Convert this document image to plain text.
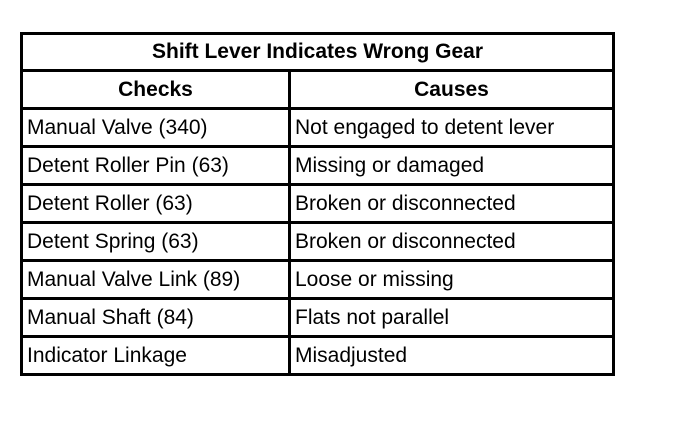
Shift Lever Indicates Wrong Gear	
Checks	Causes
Manual Valve (340)	Not engaged to detent lever
Detent Roller Pin (63)	Missing or damaged
Detent Roller (63)	Broken or disconnected
Detent Spring (63)	Broken or disconnected
Manual Valve Link (89)	Loose or missing
Manual Shaft (84)	Flats not parallel
Indicator Linkage	Misadjusted
